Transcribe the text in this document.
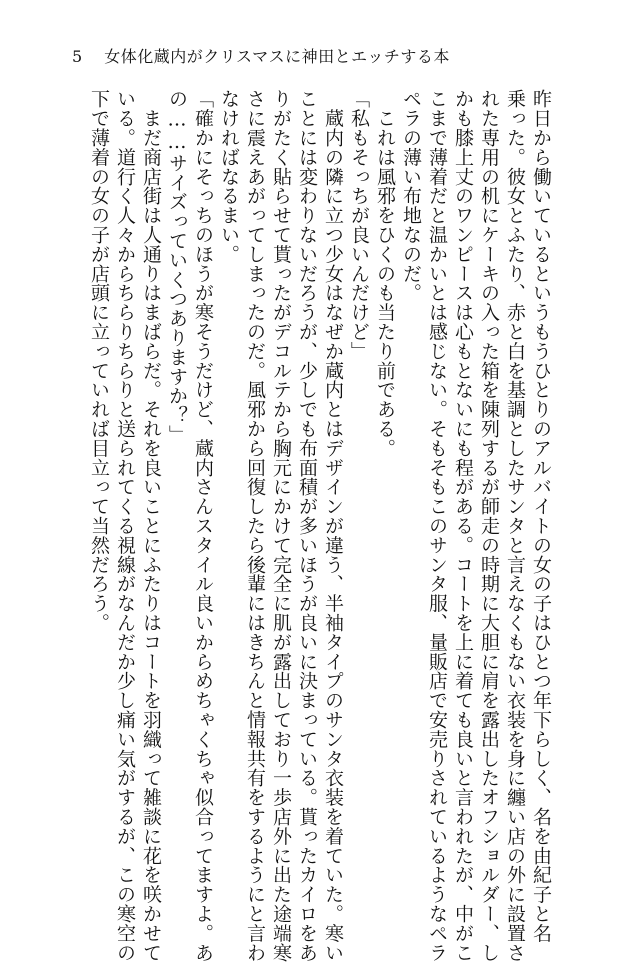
5 女体化蔵内がクリスマスに神田とエッチする本
昨日から働いているというもうひとりのアルバイトの女の子はひとつ年下らしく、名を由紀子と名
乗った。彼女とふたり、赤と白を基調としたサンタと言えなくもない衣装を身に纏い店の外に設置さ
れた専用の机にケーキの入った箱を陳列するが師走の時期に大胆に肩を露出したオフショルダー、し
かも膝上丈のワンピースは心もとないにも程がある。コートを上に着ても良いと言われたが、中がこ
こまで薄着だと温かいとは感じない。そもそもこのサンタ服、量販店で安売りされているようなペラ
ペラの薄い布地なのだ。
　これは風邪をひくのも当たり前である。
「私もそっちが良いんだけど」
　蔵内の隣に立つ少女はなぜか蔵内とはデザインが違う、半袖タイプのサンタ衣装を着ていた。寒い
ことには変わりないだろうが、少しでも布面積が多いほうが良いに決まっている。貰ったカイロをあ
りがたく貼らせて貰ったがデコルテから胸元にかけて完全に肌が露出しており一歩店外に出た途端寒
さに震えあがってしまったのだ。風邪から回復したら後輩にはきちんと情報共有をするようにと言わ
なければなるまい。
「確かにそっちのほうが寒そうだけど、蔵内さんスタイル良いからめちゃくちゃ似合ってますよ。あ
の……サイズっていくつありますか？」
　まだ商店街は人通りはまばらだ。それを良いことにふたりはコートを羽織って雑談に花を咲かせて
いる。道行く人々からちらりちらりと送られてくる視線がなんだか少し痛い気がするが、この寒空の
下で薄着の女の子が店頭に立っていれば目立って当然だろう。
